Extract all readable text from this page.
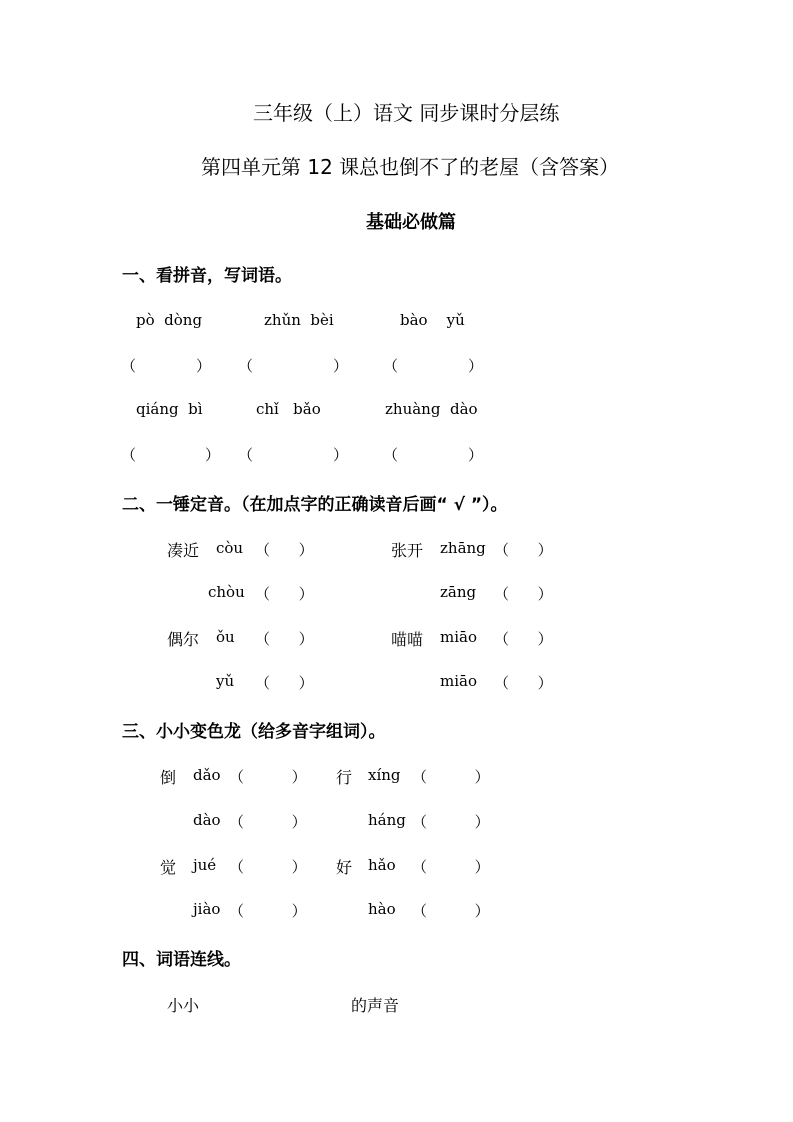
三年级（上）语文 同步课时分层练
第四单元第 12 课总也倒不了的老屋（含答案）
基础必做篇
一、看拼音，写词语。
pò  dòng	zhǔn  bèi	bào    yǔ
（	） （	） （	）
qiáng  bì	chǐ   bǎo	zhuàng  dào
（	） （	） （	）
二、一锤定音。（在加点字的正确读音后画“ √ ”）。
凑近 còu （      ）
chòu （      ）
张开 zhāng （      ）
zāng （      ）
偶尔 ǒu （      ）
yǔ （      ）
喵喵 miāo （      ）
miāo （      ）
三、小小变色龙（给多音字组词）。
倒 dǎo （          ）
dào （          ）
行 xíng （          ）
háng （          ）
觉 jué （          ）
jiào （          ）
好 hǎo （          ）
hào （          ）
四、词语连线。
小小	的声音
